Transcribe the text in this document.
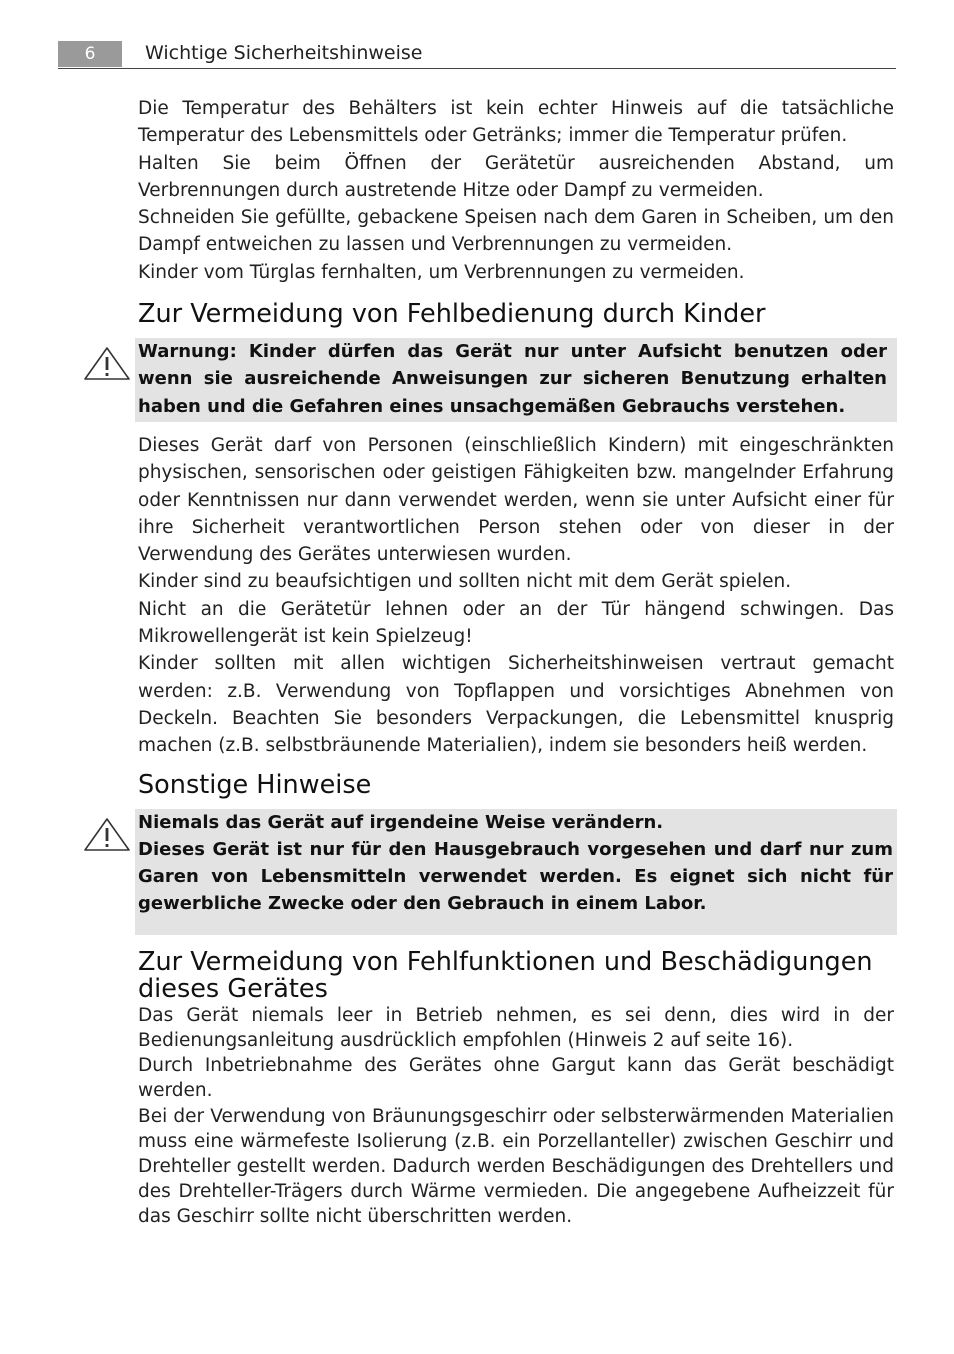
6	Wichtige Sicherheitshinweise

Die Temperatur des Behälters ist kein echter Hinweis auf die tatsächliche Temperatur des Lebensmittels oder Getränks; immer die Temperatur prüfen.

Halten Sie beim Öffnen der Gerätetür ausreichenden Abstand, um Verbrennungen durch austretende Hitze oder Dampf zu vermeiden.

Schneiden Sie gefüllte, gebackene Speisen nach dem Garen in Scheiben, um den Dampf entweichen zu lassen und Verbrennungen zu vermeiden.

Kinder vom Türglas fernhalten, um Verbrennungen zu vermeiden.

Zur Vermeidung von Fehlbedienung durch Kinder

Warnung: Kinder dürfen das Gerät nur unter Aufsicht benutzen oder wenn sie ausreichende Anweisungen zur sicheren Benutzung erhalten haben und die Gefahren eines unsachgemäßen Gebrauchs verstehen.

Dieses Gerät darf von Personen (einschließlich Kindern) mit eingeschränkten physischen, sensorischen oder geistigen Fähigkeiten bzw. mangelnder Erfahrung oder Kenntnissen nur dann verwendet werden, wenn sie unter Aufsicht einer für ihre Sicherheit verantwortlichen Person stehen oder von dieser in der Verwendung des Gerätes unterwiesen wurden.

Kinder sind zu beaufsichtigen und sollten nicht mit dem Gerät spielen.

Nicht an die Gerätetür lehnen oder an der Tür hängend schwingen. Das Mikrowellengerät ist kein Spielzeug!

Kinder sollten mit allen wichtigen Sicherheitshinweisen vertraut gemacht werden: z.B. Verwendung von Topflappen und vorsichtiges Abnehmen von Deckeln. Beachten Sie besonders Verpackungen, die Lebensmittel knusprig machen (z.B. selbstbräunende Materialien), indem sie besonders heiß werden.

Sonstige Hinweise

Niemals das Gerät auf irgendeine Weise verändern.

Dieses Gerät ist nur für den Hausgebrauch vorgesehen und darf nur zum Garen von Lebensmitteln verwendet werden. Es eignet sich nicht für gewerbliche Zwecke oder den Gebrauch in einem Labor.

Zur Vermeidung von Fehlfunktionen und Beschädigungen dieses Gerätes

Das Gerät niemals leer in Betrieb nehmen, es sei denn, dies wird in der Bedienungsanleitung ausdrücklich empfohlen (Hinweis 2 auf seite 16).

Durch Inbetriebnahme des Gerätes ohne Gargut kann das Gerät beschädigt werden.

Bei der Verwendung von Bräunungsgeschirr oder selbsterwärmenden Materialien muss eine wärmefeste Isolierung (z.B. ein Porzellanteller) zwischen Geschirr und Drehteller gestellt werden. Dadurch werden Beschädigungen des Drehtellers und des Drehteller-Trägers durch Wärme vermieden. Die angegebene Aufheizzeit für das Geschirr sollte nicht überschritten werden.
